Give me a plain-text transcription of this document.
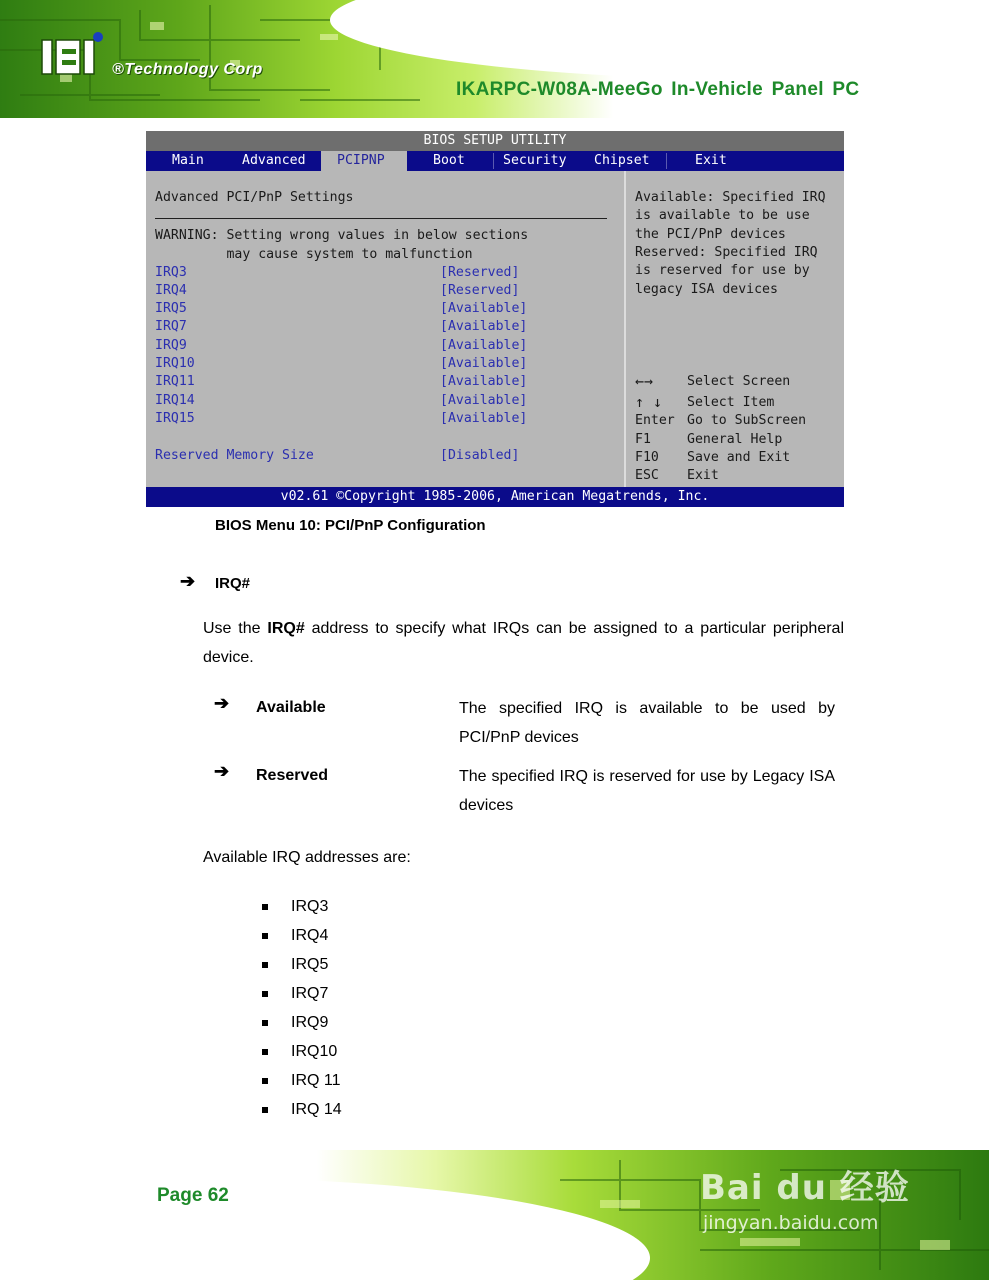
®Technology Corp
IKARPC-W08A-MeeGo In-Vehicle Panel PC
BIOS SETUP UTILITY
Main	Advanced	PCIPNP	Boot	Security Chipset	Exit
Advanced PCI/PnP Settings
WARNING: Setting wrong values in below sections
may cause system to malfunction
IRQ3	[Reserved]
IRQ4	[Reserved]
IRQ5	[Available]
IRQ7	[Available]
IRQ9	[Available]
IRQ10	[Available]
IRQ11	[Available]
IRQ14	[Available]
IRQ15	[Available]
Reserved Memory Size	[Disabled]
Available: Specified IRQ
is available to be use
the PCI/PnP devices
Reserved: Specified IRQ
is reserved for use by
legacy ISA devices
←→	Select Screen
↑ ↓ Select Item
Enter Go to SubScreen
F1	General Help
F10 Save and Exit
ESC Exit
v02.61 ©Copyright 1985-2006, American Megatrends, Inc.
BIOS Menu 10: PCI/PnP Configuration
➔ IRQ#
Use the IRQ# address to specify what IRQs can be assigned to a particular peripheral device.
➔ Available	The specified IRQ is available to be used by PCI/PnP devices
➔ Reserved	The specified IRQ is reserved for use by Legacy ISA devices
Available IRQ addresses are:
IRQ3
IRQ4
IRQ5
IRQ7
IRQ9
IRQ10
IRQ 11
IRQ 14
Page 62	Bai du 经验
jingyan.baidu.com
